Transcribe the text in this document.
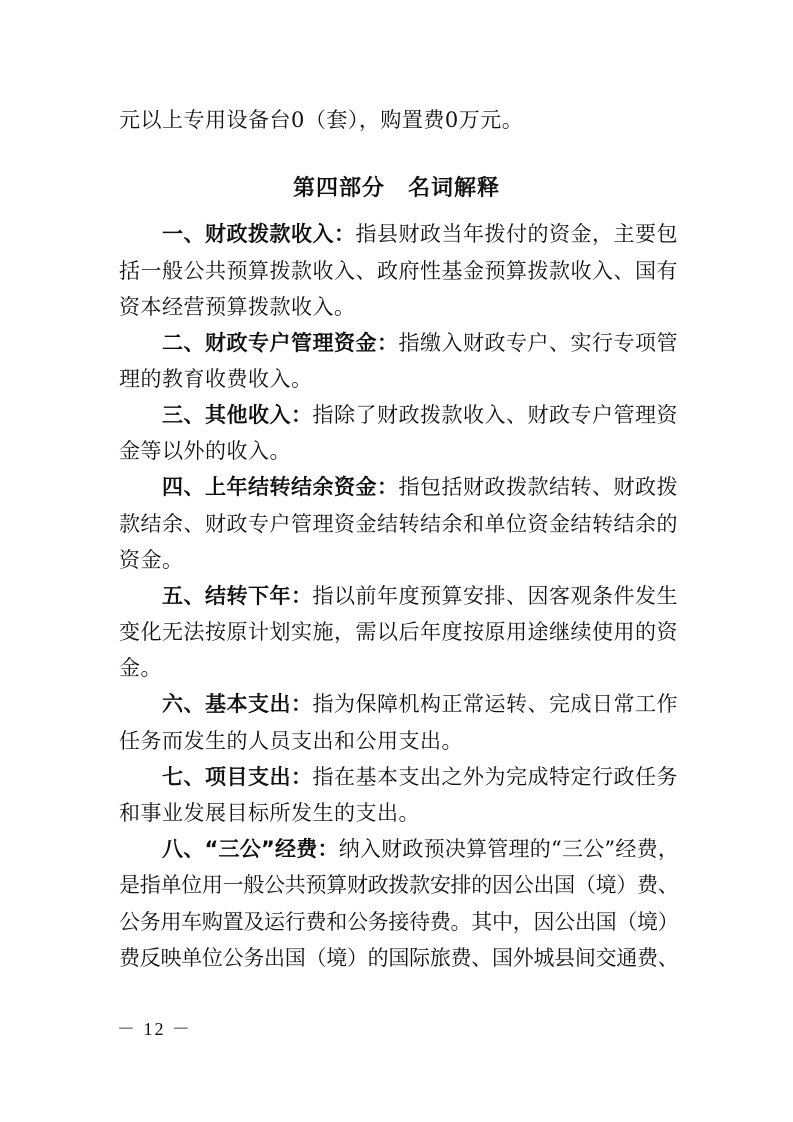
元以上专用设备台0（套），购置费0万元。

第四部分　名词解释

一、财政拨款收入：指县财政当年拨付的资金，主要包

括一般公共预算拨款收入、政府性基金预算拨款收入、国有

资本经营预算拨款收入。

二、财政专户管理资金：指缴入财政专户、实行专项管

理的教育收费收入。

三、其他收入：指除了财政拨款收入、财政专户管理资

金等以外的收入。

四、上年结转结余资金：指包括财政拨款结转、财政拨

款结余、财政专户管理资金结转结余和单位资金结转结余的

资金。

五、结转下年：指以前年度预算安排、因客观条件发生

变化无法按原计划实施，需以后年度按原用途继续使用的资

金。

六、基本支出：指为保障机构正常运转、完成日常工作

任务而发生的人员支出和公用支出。

七、项目支出：指在基本支出之外为完成特定行政任务

和事业发展目标所发生的支出。

八、“三公”经费：纳入财政预决算管理的“三公”经费，

是指单位用一般公共预算财政拨款安排的因公出国（境）费、

公务用车购置及运行费和公务接待费。其中，因公出国（境）

费反映单位公务出国（境）的国际旅费、国外城县间交通费、

－ 12 －
